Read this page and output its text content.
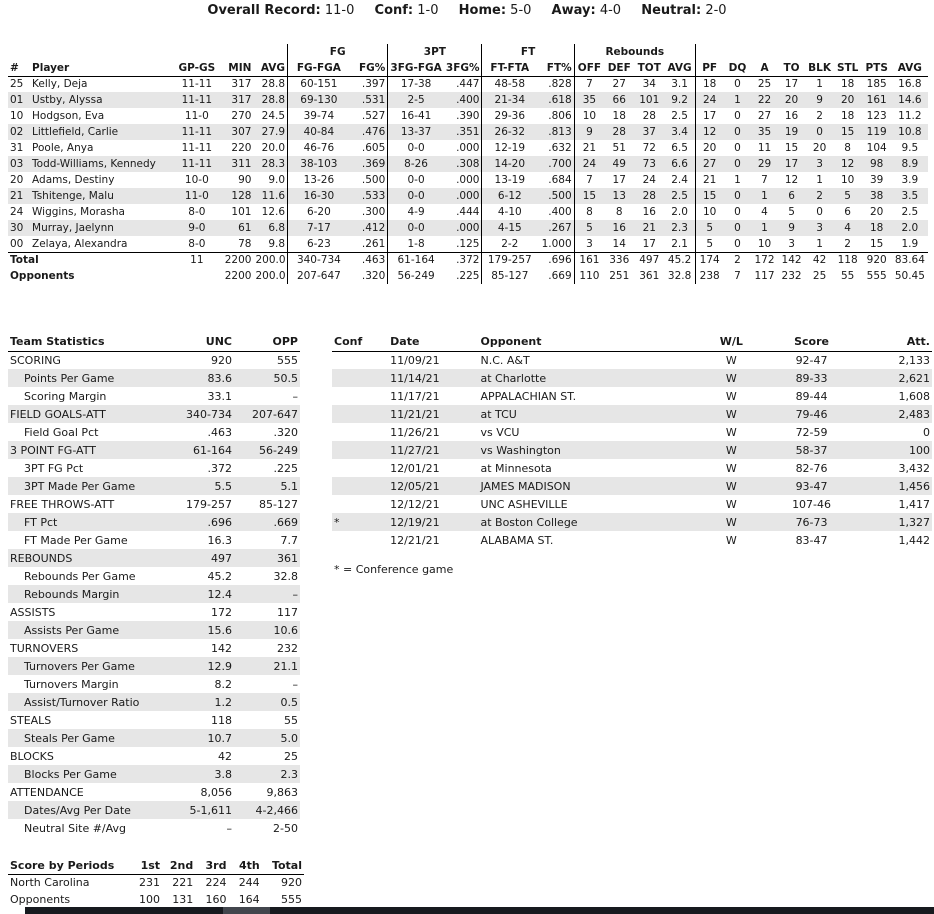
Overall Record: 11-0 Conf: 1-0 Home: 5-0 Away: 4-0 Neutral: 2-0
					FG		3PT		FT		Rebounds											
#	Player	GP-GS	MIN	AVG	FG-FGA	FG%	3FG-FGA	3FG%	FT-FTA	FT%	OFF	DEF	TOT	AVG	PF	DQ	A	TO	BLK	STL	PTS	AVG
25	Kelly, Deja	11-11	317	28.8	60-151	.397	17-38	.447	48-58	.828	7	27	34	3.1	18	0	25	17	1	18	185	16.8
01	Ustby, Alyssa	11-11	317	28.8	69-130	.531	2-5	.400	21-34	.618	35	66	101	9.2	24	1	22	20	9	20	161	14.6
10	Hodgson, Eva	11-0	270	24.5	39-74	.527	16-41	.390	29-36	.806	10	18	28	2.5	17	0	27	16	2	18	123	11.2
02	Littlefield, Carlie	11-11	307	27.9	40-84	.476	13-37	.351	26-32	.813	9	28	37	3.4	12	0	35	19	0	15	119	10.8
31	Poole, Anya	11-11	220	20.0	46-76	.605	0-0	.000	12-19	.632	21	51	72	6.5	20	0	11	15	20	8	104	9.5
03	Todd-Williams, Kennedy	11-11	311	28.3	38-103	.369	8-26	.308	14-20	.700	24	49	73	6.6	27	0	29	17	3	12	98	8.9
20	Adams, Destiny	10-0	90	9.0	13-26	.500	0-0	.000	13-19	.684	7	17	24	2.4	21	1	7	12	1	10	39	3.9
21	Tshitenge, Malu	11-0	128	11.6	16-30	.533	0-0	.000	6-12	.500	15	13	28	2.5	15	0	1	6	2	5	38	3.5
24	Wiggins, Morasha	8-0	101	12.6	6-20	.300	4-9	.444	4-10	.400	8	8	16	2.0	10	0	4	5	0	6	20	2.5
30	Murray, Jaelynn	9-0	61	6.8	7-17	.412	0-0	.000	4-15	.267	5	16	21	2.3	5	0	1	9	3	4	18	2.0
00	Zelaya, Alexandra	8-0	78	9.8	6-23	.261	1-8	.125	2-2	1.000	3	14	17	2.1	5	0	10	3	1	2	15	1.9
Total		11	2200	200.0	340-734	.463	61-164	.372	179-257	.696	161	336	497	45.2	174	2	172	142	42	118	920	83.64
Opponents			2200	200.0	207-647	.320	56-249	.225	85-127	.669	110	251	361	32.8	238	7	117	232	25	55	555	50.45
Team Statistics	UNC	OPP
SCORING	920	555
Points Per Game	83.6	50.5
Scoring Margin	33.1	–
FIELD GOALS-ATT	340-734	207-647
Field Goal Pct	.463	.320
3 POINT FG-ATT	61-164	56-249
3PT FG Pct	.372	.225
3PT Made Per Game	5.5	5.1
FREE THROWS-ATT	179-257	85-127
FT Pct	.696	.669
FT Made Per Game	16.3	7.7
REBOUNDS	497	361
Rebounds Per Game	45.2	32.8
Rebounds Margin	12.4	–
ASSISTS	172	117
Assists Per Game	15.6	10.6
TURNOVERS	142	232
Turnovers Per Game	12.9	21.1
Turnovers Margin	8.2	–
Assist/Turnover Ratio	1.2	0.5
STEALS	118	55
Steals Per Game	10.7	5.0
BLOCKS	42	25
Blocks Per Game	3.8	2.3
ATTENDANCE	8,056	9,863
Dates/Avg Per Date	5-1,611	4-2,466
Neutral Site #/Avg	–	2-50
Conf	Date	Opponent	W/L	Score	Att.
	11/09/21	N.C. A&T	W	92-47	2,133
	11/14/21	at Charlotte	W	89-33	2,621
	11/17/21	APPALACHIAN ST.	W	89-44	1,608
	11/21/21	at TCU	W	79-46	2,483
	11/26/21	vs VCU	W	72-59	0
	11/27/21	vs Washington	W	58-37	100
	12/01/21	at Minnesota	W	82-76	3,432
	12/05/21	JAMES MADISON	W	93-47	1,456
	12/12/21	UNC ASHEVILLE	W	107-46	1,417
*	12/19/21	at Boston College	W	76-73	1,327
	12/21/21	ALABAMA ST.	W	83-47	1,442
* = Conference game
Score by Periods	1st	2nd	3rd	4th	Total
North Carolina	231	221	224	244	920
Opponents	100	131	160	164	555
